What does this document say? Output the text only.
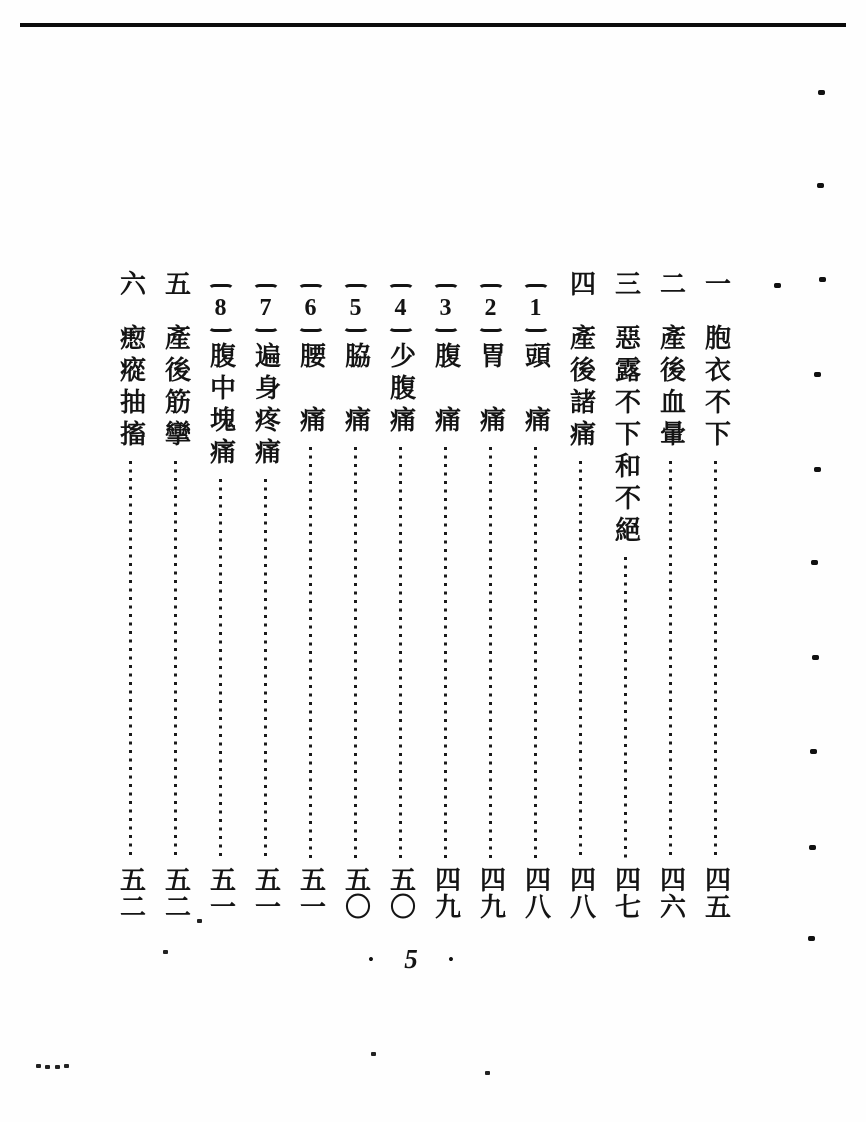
一
胞衣不下
四五
二
產後血暈
四六
三
惡露不下和不絕
四七
四
產後諸痛
四八
1
頭　痛
四八
2
胃　痛
四九
3
腹　痛
四九
4
少腹痛
五〇
5
脇　痛
五〇
6
腰　痛
五一
7
遍身疼痛
五一
8
腹中塊痛
五一
五
產後筋攣
五二
六
瘛瘲抽搐
五二
• 5 •
